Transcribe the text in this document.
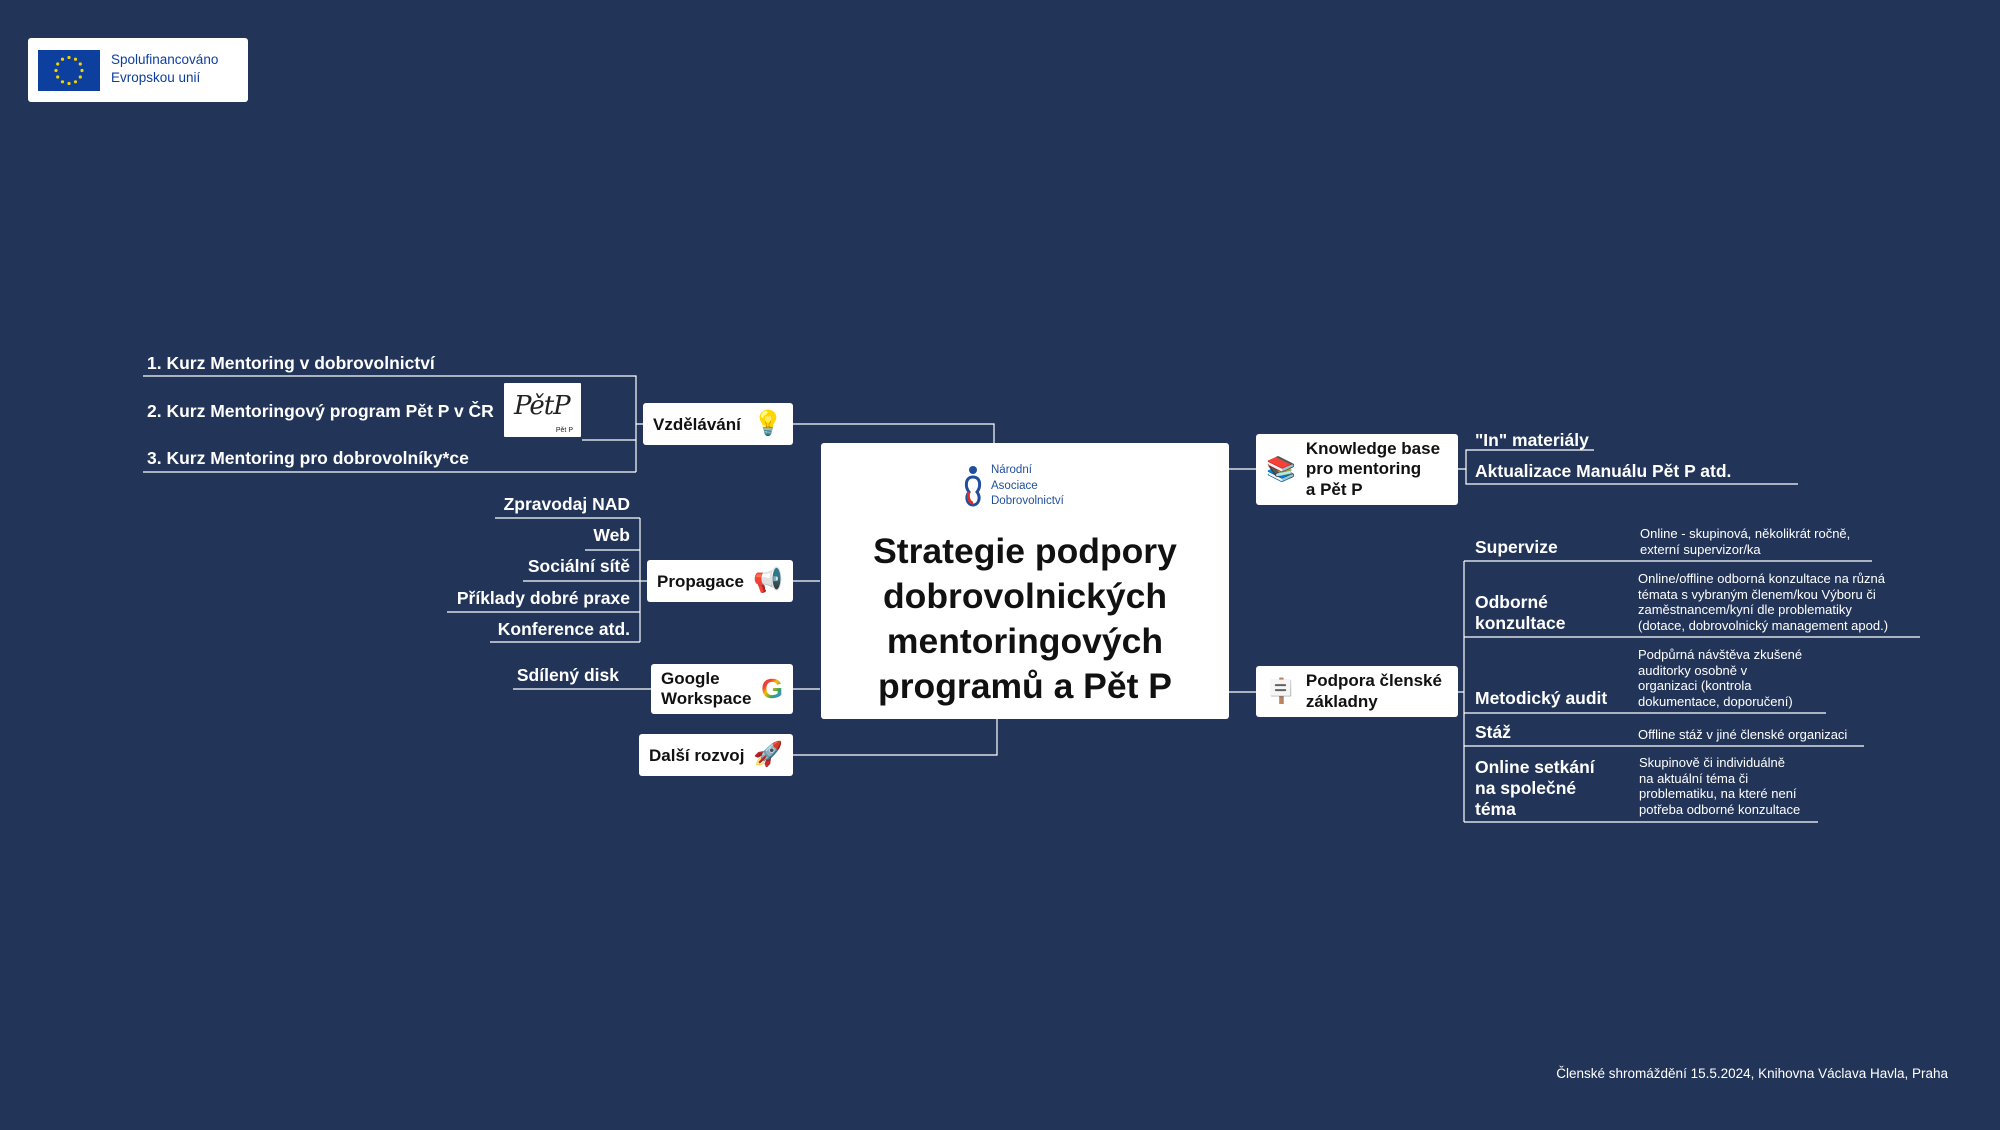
Spolufinancováno
Evropskou unií
Národní
Asociace
Dobrovolnictví
Strategie podpory
dobrovolnických
mentoringových
programů a Pět P
Vzdělávání 💡
1. Kurz Mentoring v dobrovolnictví
2. Kurz Mentoringový program Pět P v ČR PětP
Pět P
3. Kurz Mentoring pro dobrovolníky*ce
Propagace 📢
Zpravodaj NAD
Web
Sociální sítě
Příklady dobré praxe
Konference atd.
Google
Workspace G
Sdílený disk
Další rozvoj 🚀
📚
Knowledge base
pro mentoring
a Pět P
"In" materiály
Aktualizace Manuálu Pět P atd.
🪧 Podpora členské
základny
Supervize
Online - skupinová, několikrát ročně,
externí supervizor/ka
Odborné
konzultace
Online/offline odborná konzultace na různá
témata s vybraným členem/kou Výboru či
zaměstnancem/kyní dle problematiky
(dotace, dobrovolnický management apod.)
Metodický audit
Podpůrná návštěva zkušené
auditorky osobně v
organizaci (kontrola
dokumentace, doporučení)
Stáž	Offline stáž v jiné členské organizaci
Online setkání
na společné
téma
Skupinově či individuálně
na aktuální téma či
problematiku, na které není
potřeba odborné konzultace
Členské shromáždění 15.5.2024, Knihovna Václava Havla, Praha
